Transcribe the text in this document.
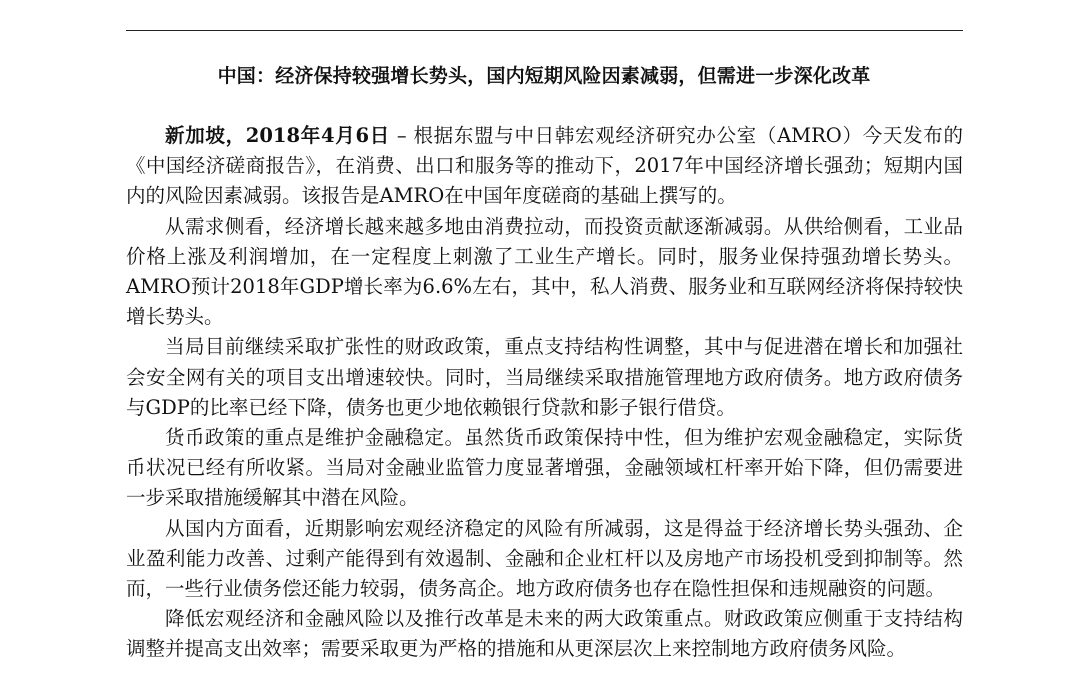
中国：经济保持较强增长势头，国内短期风险因素减弱，但需进一步深化改革

新加坡，2018年4月6日 – 根据东盟与中日韩宏观经济研究办公室（AMRO）今天发布的《中国经济磋商报告》，在消费、出口和服务等的推动下，2017年中国经济增长强劲；短期内国内的风险因素减弱。该报告是AMRO在中国年度磋商的基础上撰写的。

从需求侧看，经济增长越来越多地由消费拉动，而投资贡献逐渐减弱。从供给侧看，工业品价格上涨及利润增加，在一定程度上刺激了工业生产增长。同时，服务业保持强劲增长势头。AMRO预计2018年GDP增长率为6.6%左右，其中，私人消费、服务业和互联网经济将保持较快增长势头。

当局目前继续采取扩张性的财政政策，重点支持结构性调整，其中与促进潜在增长和加强社会安全网有关的项目支出增速较快。同时，当局继续采取措施管理地方政府债务。地方政府债务与GDP的比率已经下降，债务也更少地依赖银行贷款和影子银行借贷。

货币政策的重点是维护金融稳定。虽然货币政策保持中性，但为维护宏观金融稳定，实际货币状况已经有所收紧。当局对金融业监管力度显著增强，金融领域杠杆率开始下降，但仍需要进一步采取措施缓解其中潜在风险。

从国内方面看，近期影响宏观经济稳定的风险有所减弱，这是得益于经济增长势头强劲、企业盈利能力改善、过剩产能得到有效遏制、金融和企业杠杆以及房地产市场投机受到抑制等。然而，一些行业债务偿还能力较弱，债务高企。地方政府债务也存在隐性担保和违规融资的问题。

降低宏观经济和金融风险以及推行改革是未来的两大政策重点。财政政策应侧重于支持结构调整并提高支出效率；需要采取更为严格的措施和从更深层次上来控制地方政府债务风险。
